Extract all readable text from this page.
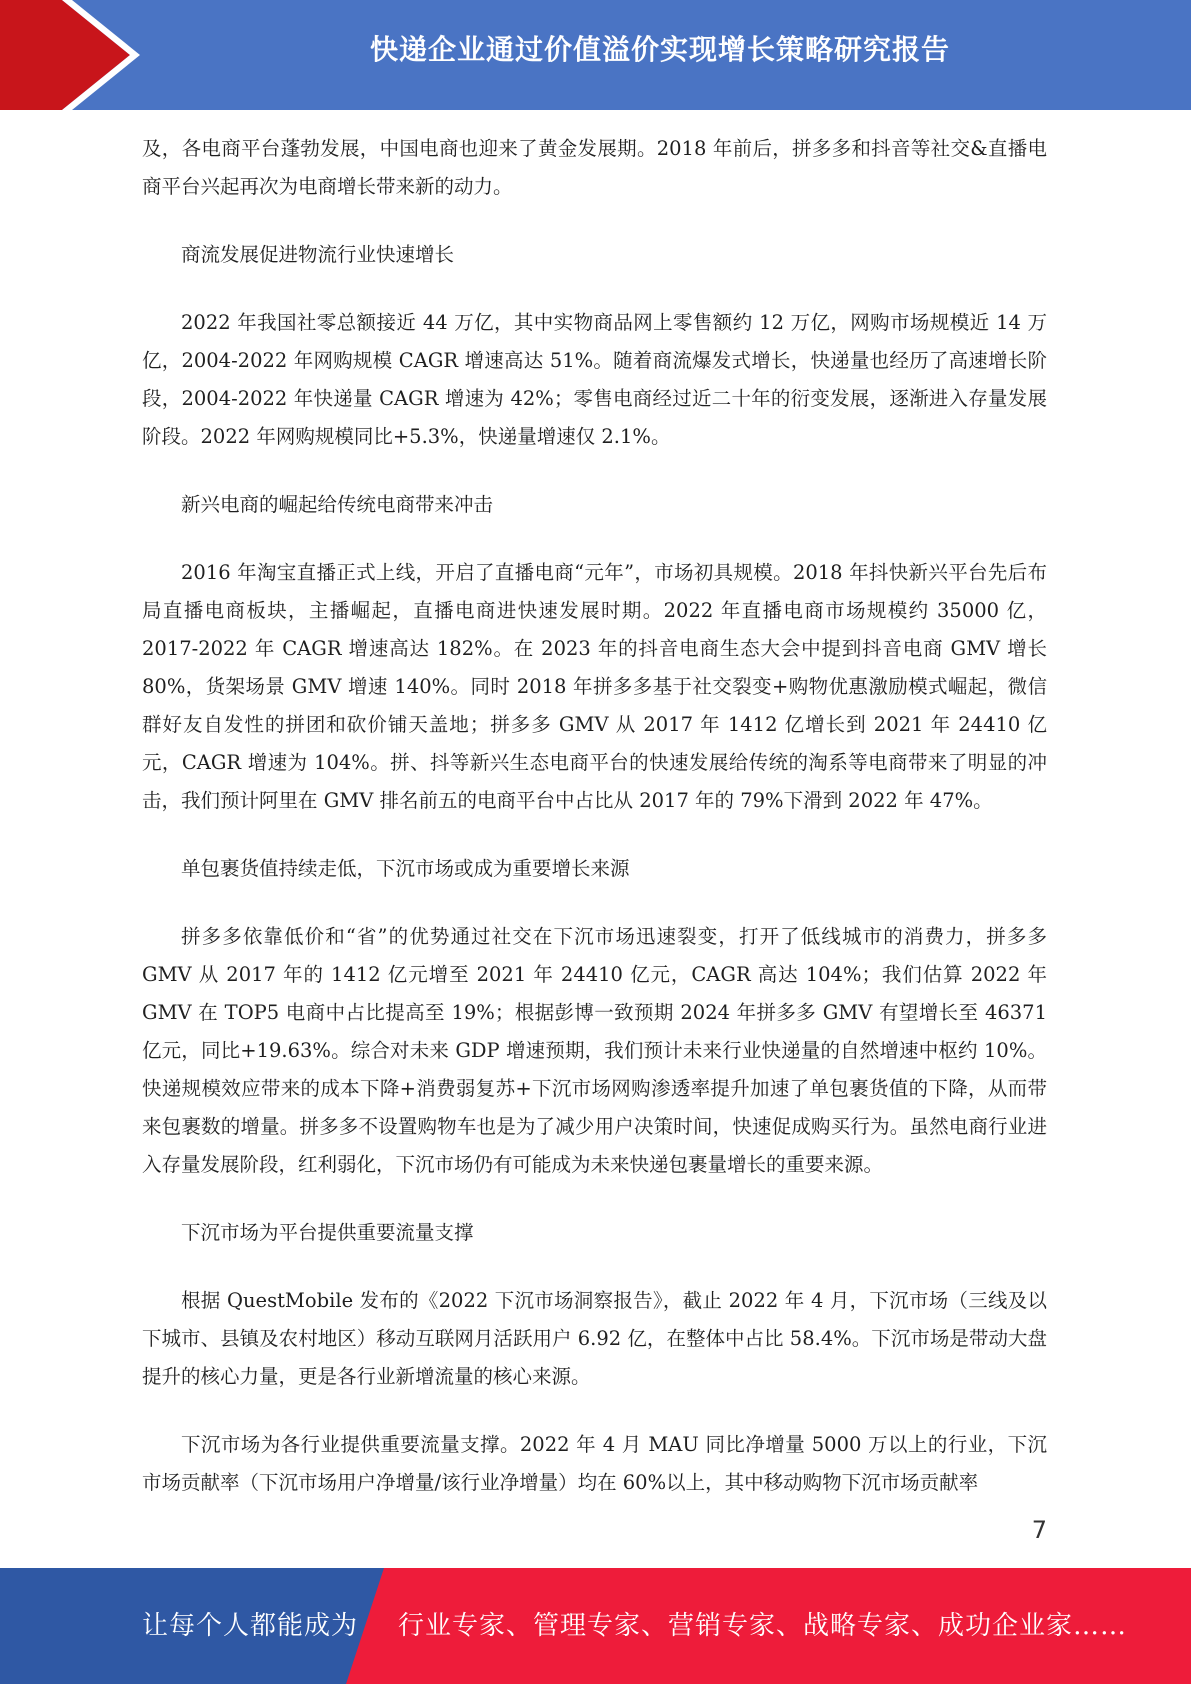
快递企业通过价值溢价实现增长策略研究报告

及，各电商平台蓬勃发展，中国电商也迎来了黄金发展期。2018 年前后，拼多多和抖音等社交&直播电商平台兴起再次为电商增长带来新的动力。

商流发展促进物流行业快速增长

2022 年我国社零总额接近 44 万亿，其中实物商品网上零售额约 12 万亿，网购市场规模近 14 万亿，2004-2022 年网购规模 CAGR 增速高达 51%。随着商流爆发式增长，快递量也经历了高速增长阶段，2004-2022 年快递量 CAGR 增速为 42%；零售电商经过近二十年的衍变发展，逐渐进入存量发展阶段。2022 年网购规模同比+5.3%，快递量增速仅 2.1%。

新兴电商的崛起给传统电商带来冲击

2016 年淘宝直播正式上线，开启了直播电商“元年”，市场初具规模。2018 年抖快新兴平台先后布局直播电商板块，主播崛起，直播电商进快速发展时期。2022 年直播电商市场规模约 35000 亿，2017-2022 年 CAGR 增速高达 182%。在 2023 年的抖音电商生态大会中提到抖音电商 GMV 增长 80%，货架场景 GMV 增速 140%。同时 2018 年拼多多基于社交裂变+购物优惠激励模式崛起，微信群好友自发性的拼团和砍价铺天盖地；拼多多 GMV 从 2017 年 1412 亿增长到 2021 年 24410 亿元，CAGR 增速为 104%。拼、抖等新兴生态电商平台的快速发展给传统的淘系等电商带来了明显的冲击，我们预计阿里在 GMV 排名前五的电商平台中占比从 2017 年的 79%下滑到 2022 年 47%。

单包裹货值持续走低，下沉市场或成为重要增长来源

拼多多依靠低价和“省”的优势通过社交在下沉市场迅速裂变，打开了低线城市的消费力，拼多多 GMV 从 2017 年的 1412 亿元增至 2021 年 24410 亿元，CAGR 高达 104%；我们估算 2022 年 GMV 在 TOP5 电商中占比提高至 19%；根据彭博一致预期 2024 年拼多多 GMV 有望增长至 46371 亿元，同比+19.63%。综合对未来 GDP 增速预期，我们预计未来行业快递量的自然增速中枢约 10%。快递规模效应带来的成本下降+消费弱复苏+下沉市场网购渗透率提升加速了单包裹货值的下降，从而带来包裹数的增量。拼多多不设置购物车也是为了减少用户决策时间，快速促成购买行为。虽然电商行业进入存量发展阶段，红利弱化，下沉市场仍有可能成为未来快递包裹量增长的重要来源。

下沉市场为平台提供重要流量支撑

根据 QuestMobile 发布的《2022 下沉市场洞察报告》，截止 2022 年 4 月，下沉市场（三线及以下城市、县镇及农村地区）移动互联网月活跃用户 6.92 亿，在整体中占比 58.4%。下沉市场是带动大盘提升的核心力量，更是各行业新增流量的核心来源。

下沉市场为各行业提供重要流量支撑。2022 年 4 月 MAU 同比净增量 5000 万以上的行业，下沉市场贡献率（下沉市场用户净增量/该行业净增量）均在 60%以上，其中移动购物下沉市场贡献率

7
让每个人都能成为 行业专家、管理专家、营销专家、战略专家、成功企业家……
